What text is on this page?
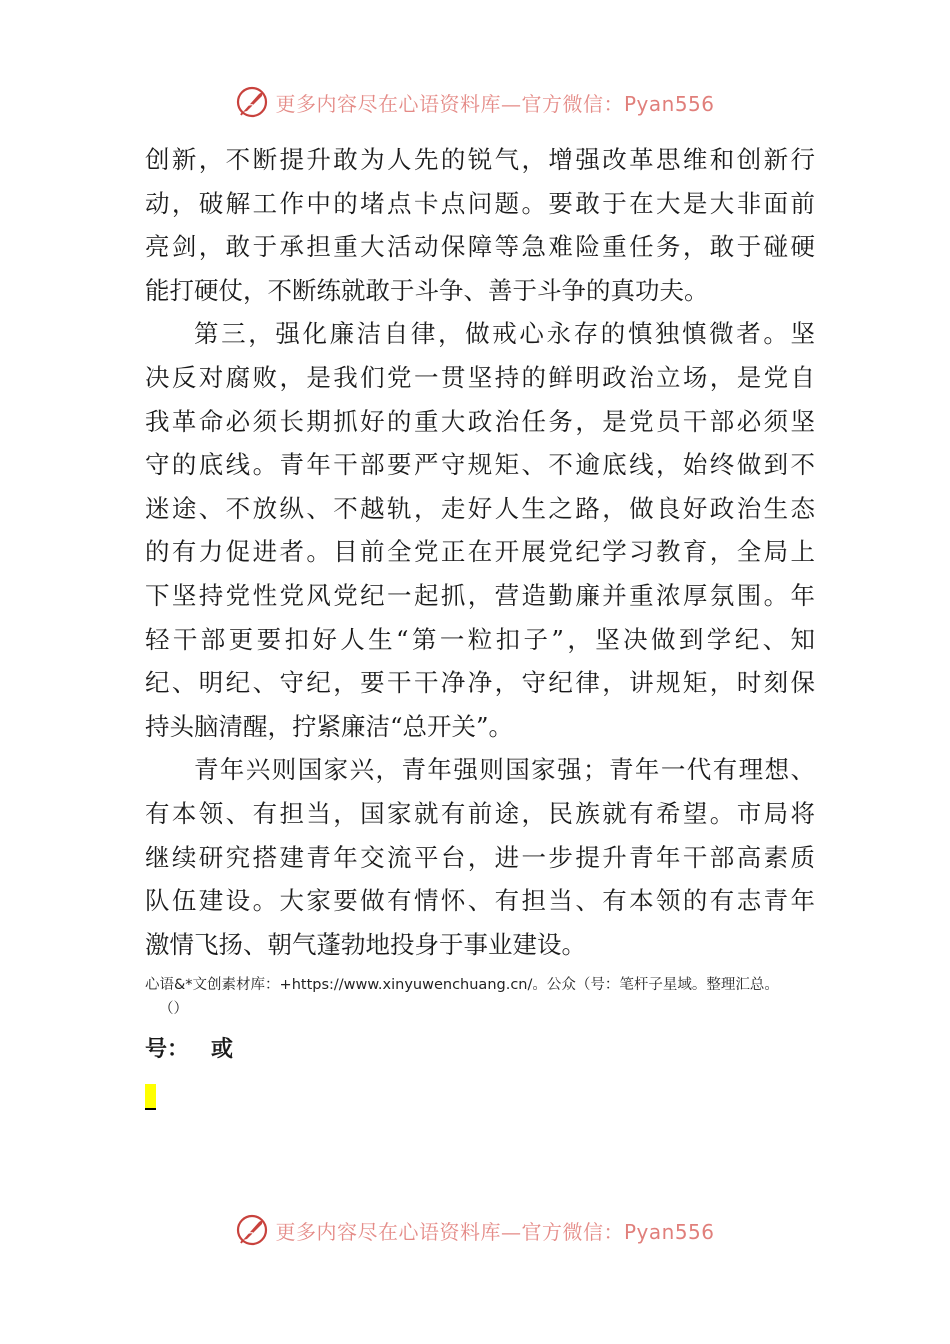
更多内容尽在心语资料库—官方微信：Pyan556
创新，不断提升敢为人先的锐气，增强改革思维和创新行
动，破解工作中的堵点卡点问题。要敢于在大是大非面前
亮剑，敢于承担重大活动保障等急难险重任务，敢于碰硬
能打硬仗，不断练就敢于斗争、善于斗争的真功夫。
第三，强化廉洁自律，做戒心永存的慎独慎微者。坚
决反对腐败，是我们党一贯坚持的鲜明政治立场，是党自
我革命必须长期抓好的重大政治任务，是党员干部必须坚
守的底线。青年干部要严守规矩、不逾底线，始终做到不
迷途、不放纵、不越轨，走好人生之路，做良好政治生态
的有力促进者。目前全党正在开展党纪学习教育，全局上
下坚持党性党风党纪一起抓，营造勤廉并重浓厚氛围。年
轻干部更要扣好人生“第一粒扣子”，坚决做到学纪、知
纪、明纪、守纪，要干干净净，守纪律，讲规矩，时刻保
持头脑清醒，拧紧廉洁“总开关”。
青年兴则国家兴，青年强则国家强；青年一代有理想、
有本领、有担当，国家就有前途，民族就有希望。市局将
继续研究搭建青年交流平台，进一步提升青年干部高素质
队伍建设。大家要做有情怀、有担当、有本领的有志青年
激情飞扬、朝气蓬勃地投身于事业建设。
心语&*文创素材库：+https://www.xinyuwenchuang.cn/。公众（号：笔杆子星域。整理汇总。
（）
号： 或
更多内容尽在心语资料库—官方微信：Pyan556
